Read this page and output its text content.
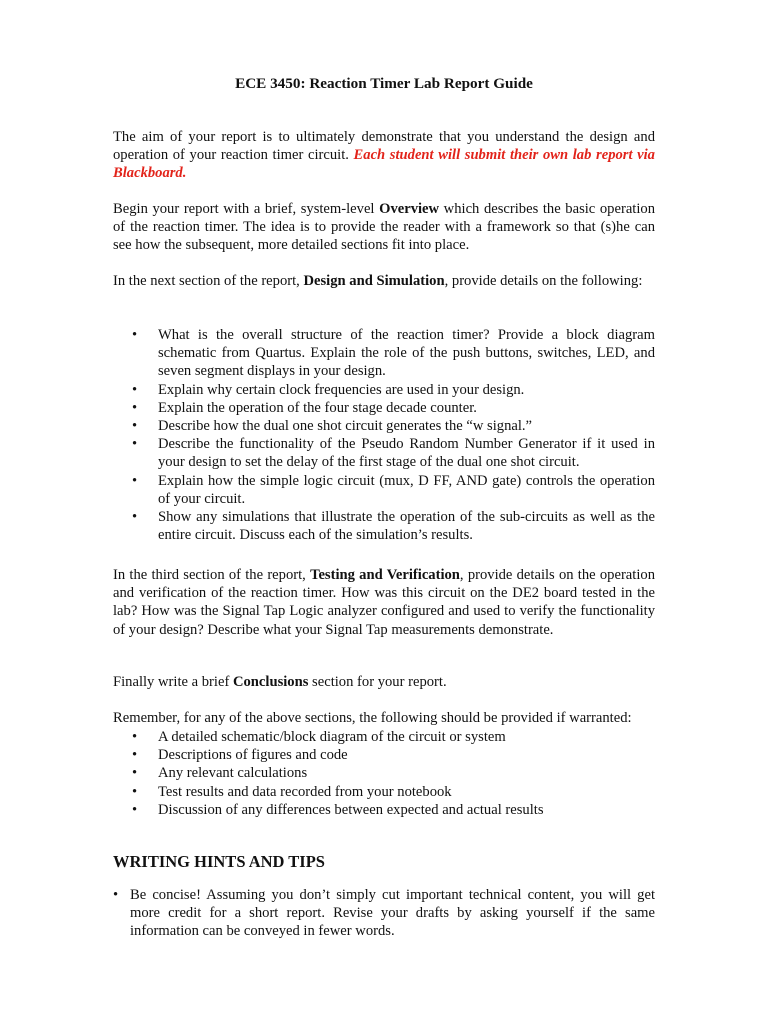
ECE 3450: Reaction Timer Lab Report Guide

The aim of your report is to ultimately demonstrate that you understand the design and operation of your reaction timer circuit. Each student will submit their own lab report via Blackboard.

Begin your report with a brief, system-level Overview which describes the basic operation of the reaction timer. The idea is to provide the reader with a framework so that (s)he can see how the subsequent, more detailed sections fit into place.

In the next section of the report, Design and Simulation, provide details on the following:

• What is the overall structure of the reaction timer? Provide a block diagram schematic from Quartus. Explain the role of the push buttons, switches, LED, and seven segment displays in your design.
• Explain why certain clock frequencies are used in your design.
• Explain the operation of the four stage decade counter.
• Describe how the dual one shot circuit generates the “w signal.”
• Describe the functionality of the Pseudo Random Number Generator if it used in your design to set the delay of the first stage of the dual one shot circuit.
• Explain how the simple logic circuit (mux, D FF, AND gate) controls the operation of your circuit.
• Show any simulations that illustrate the operation of the sub-circuits as well as the entire circuit. Discuss each of the simulation’s results.

In the third section of the report, Testing and Verification, provide details on the operation and verification of the reaction timer. How was this circuit on the DE2 board tested in the lab? How was the Signal Tap Logic analyzer configured and used to verify the functionality of your design? Describe what your Signal Tap measurements demonstrate.

Finally write a brief Conclusions section for your report.

Remember, for any of the above sections, the following should be provided if warranted:

• A detailed schematic/block diagram of the circuit or system
• Descriptions of figures and code
• Any relevant calculations
• Test results and data recorded from your notebook
• Discussion of any differences between expected and actual results
WRITING HINTS AND TIPS
• Be concise! Assuming you don’t simply cut important technical content, you will get more credit for a short report. Revise your drafts by asking yourself if the same information can be conveyed in fewer words.
